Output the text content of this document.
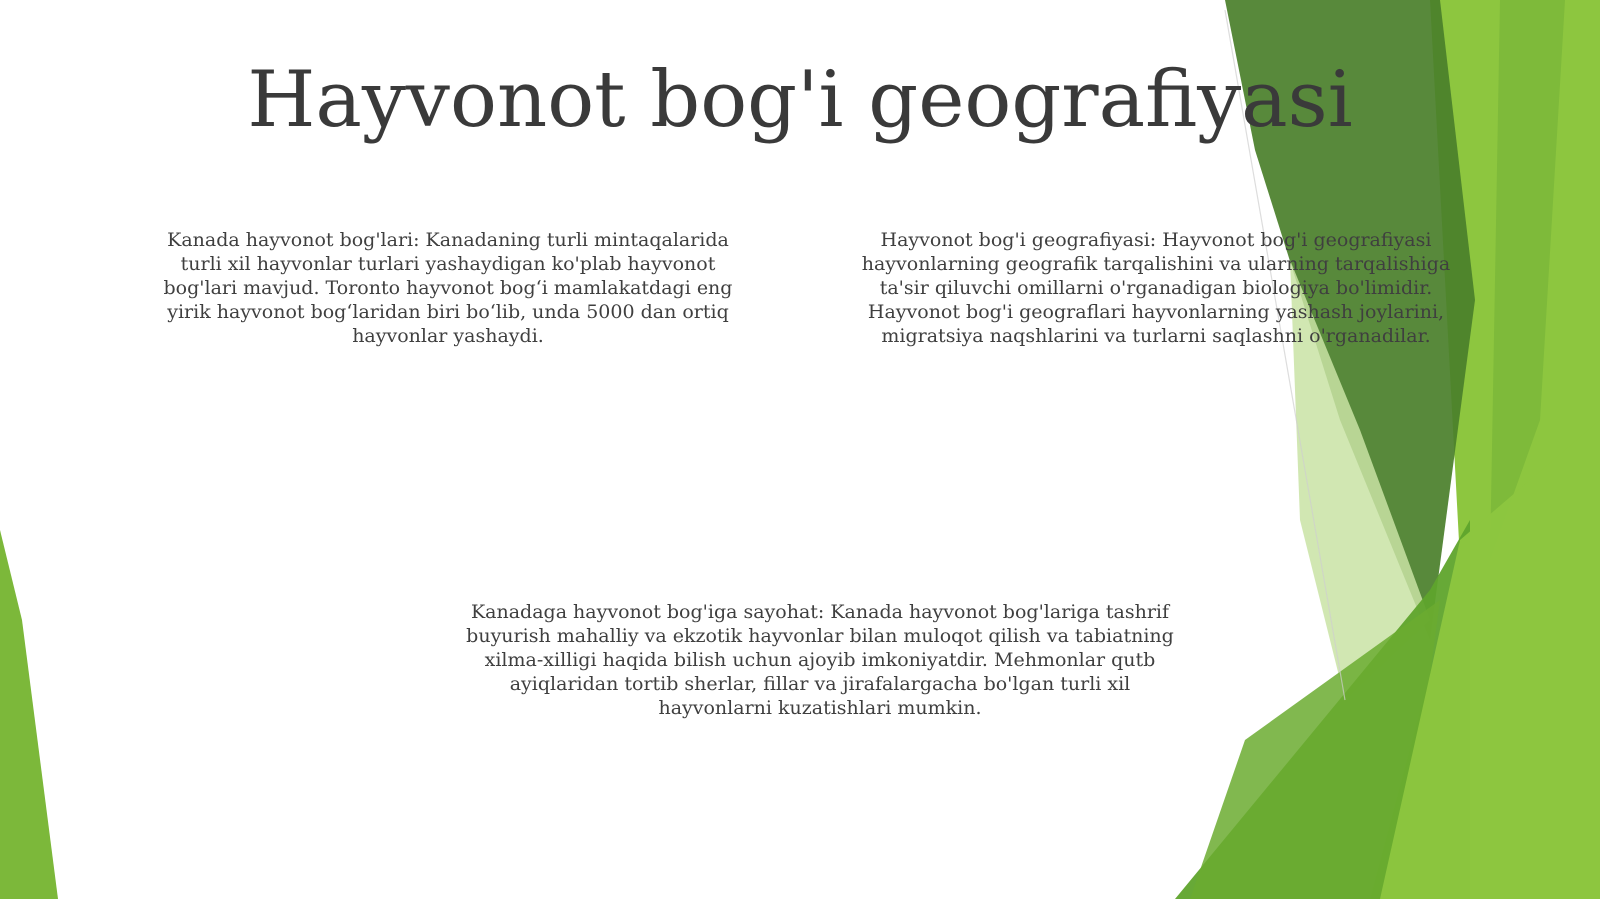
Hayvonot bog'i geografiyasi

Kanada hayvonot bog'lari: Kanadaning turli mintaqalarida turli xil hayvonlar turlari yashaydigan ko'plab hayvonot bog'lari mavjud. Toronto hayvonot bog‘i mamlakatdagi eng yirik hayvonot bog‘laridan biri bo‘lib, unda 5000 dan ortiq hayvonlar yashaydi.

Hayvonot bog'i geografiyasi: Hayvonot bog'i geografiyasi hayvonlarning geografik tarqalishini va ularning tarqalishiga ta'sir qiluvchi omillarni o'rganadigan biologiya bo'limidir. Hayvonot bog'i geograflari hayvonlarning yashash joylarini, migratsiya naqshlarini va turlarni saqlashni o'rganadilar.

Kanadaga hayvonot bog'iga sayohat: Kanada hayvonot bog'lariga tashrif buyurish mahalliy va ekzotik hayvonlar bilan muloqot qilish va tabiatning xilma-xilligi haqida bilish uchun ajoyib imkoniyatdir. Mehmonlar qutb ayiqlaridan tortib sherlar, fillar va jirafalargacha bo'lgan turli xil hayvonlarni kuzatishlari mumkin.
